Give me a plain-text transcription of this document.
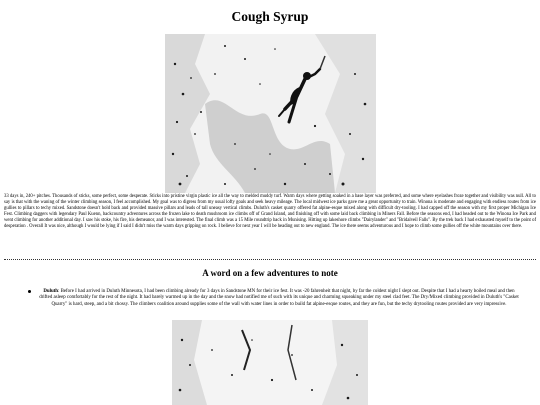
Cough Syrup

33 days in, 240+ pitches. Thousands of sticks, some perfect, some desperate. Sticks into pristine virgin plastic ice all the way to melded muddy turf. Warm days where getting soaked in a base layer was preferred, and some where eyelashes froze together and visibility was null. All to say is that with the waning of the winter climbing season, I feel accomplished. My goal was to digress from my usual lofty goals and seek heavy mileage. The local midwest ice parks gave me a great opportunity to train. Winona is moderate and engaging with endless routes from ice gullies to pillars to techy mixed. Sandstone doesn't hold back and provided massive pillars and leads of tall uneasy vertical climbs. Duluth's casket quarry offered fat alpine-esque mixed along with difficult dry-tooling. I had capped off the season with my first proper Michigan Ice Fest. Climbing daggers with legendary Paul Kuenn, backcountry adventures across the frozen lake to death mushroom ice climbs off of Grand Island, and finishing off with some laid back climbing in Miners Fall. Before the seasons end, I had headed out to the Winona Ice Park and went climbing for another additional day. I saw his stoke, his fire, his demeanor, and I was interested. The final climb was a 15 Mile roundtrip back in Munising. Hitting up lakeshore climbs "Dairylander" and "Bridalveil Falls". By the trek back I had exhausted myself to the point of desperation . Overall It was nice, although I would be lying if I said I didn't miss the warm days gripping on rock. I believe for next year I will be heading out to new england. The ice there seems adventurous and I hope to climb some gullies off the white mountains over there.

A word on a few adventures to note
Duluth: Before I had arrived in Duluth Minnesota, I had been climbing already for 3 days in Sandstone MN for their ice fest. It was -20 fahrenheit that night, by far the coldest night I slept out. Despite that I had a hearty boiled meal and then drifted asleep comfortably for the rest of the night. It had barely warmed up in the day and the snow had notified me of such with its unique and charming squeaking under my steel clad feet. The Dry/Mixed climbing provided in Duluth's "Casket Quarry" is hard, steep, and a bit chossy. The climbers coalition around supplies some of the wall with water lines in order to build fat alpine-esque routes, and they are fun, but the techy drytooling routes provided are very impressive.
